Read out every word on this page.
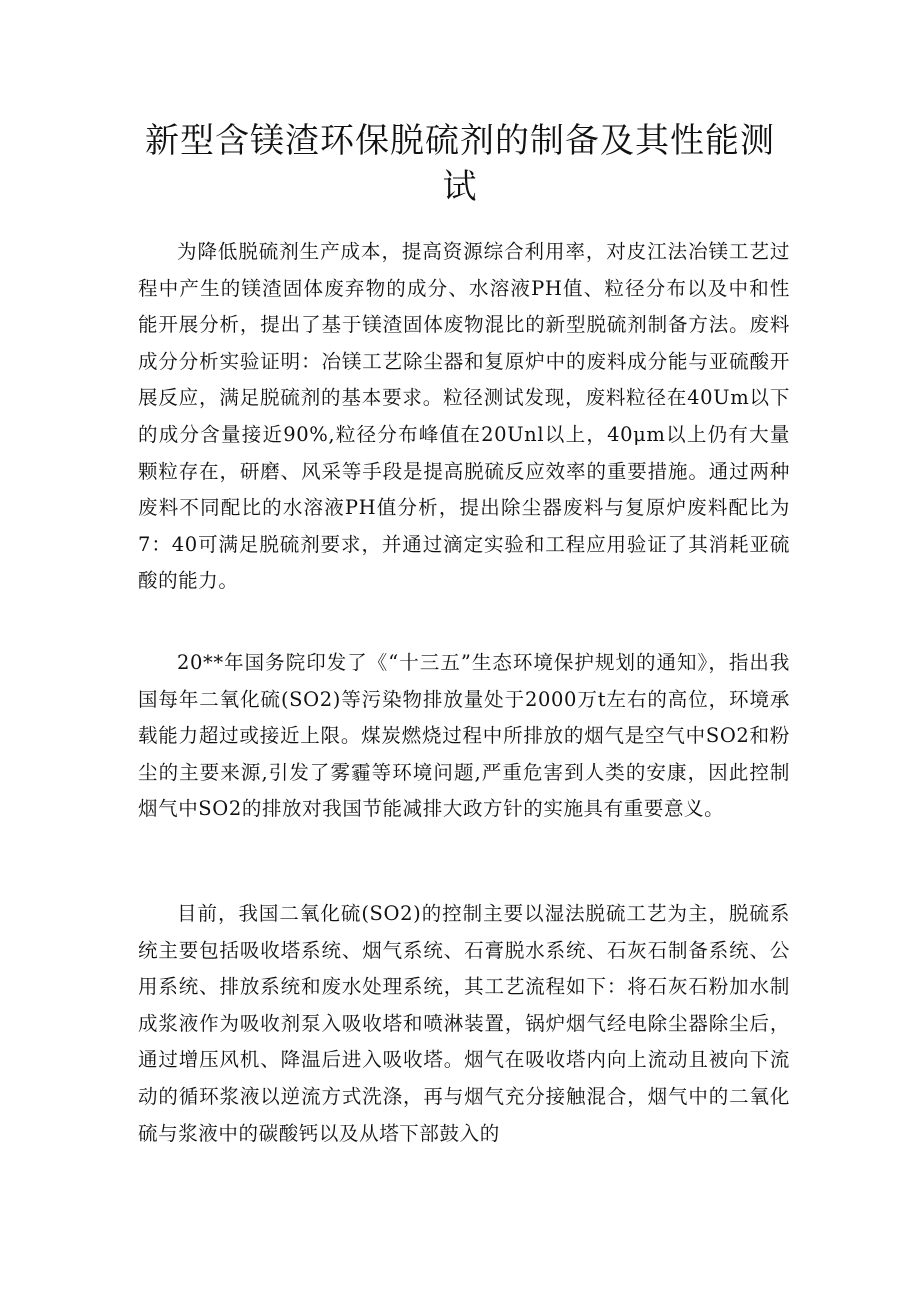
新型含镁渣环保脱硫剂的制备及其性能测试

为降低脱硫剂生产成本，提高资源综合利用率，对皮江法冶镁工艺过程中产生的镁渣固体废弃物的成分、水溶液PH值、粒径分布以及中和性能开展分析，提出了基于镁渣固体废物混比的新型脱硫剂制备方法。废料成分分析实验证明：冶镁工艺除尘器和复原炉中的废料成分能与亚硫酸开展反应，满足脱硫剂的基本要求。粒径测试发现，废料粒径在40Um以下的成分含量接近90%,粒径分布峰值在20Unl以上，40μm以上仍有大量颗粒存在，研磨、风采等手段是提高脱硫反应效率的重要措施。通过两种废料不同配比的水溶液PH值分析，提出除尘器废料与复原炉废料配比为7：40可满足脱硫剂要求，并通过滴定实验和工程应用验证了其消耗亚硫酸的能力。

20**年国务院印发了《“十三五”生态环境保护规划的通知》，指出我国每年二氧化硫(SO2)等污染物排放量处于2000万t左右的高位，环境承载能力超过或接近上限。煤炭燃烧过程中所排放的烟气是空气中SO2和粉尘的主要来源,引发了雾霾等环境问题,严重危害到人类的安康，因此控制烟气中SO2的排放对我国节能减排大政方针的实施具有重要意义。

目前，我国二氧化硫(SO2)的控制主要以湿法脱硫工艺为主，脱硫系统主要包括吸收塔系统、烟气系统、石膏脱水系统、石灰石制备系统、公用系统、排放系统和废水处理系统，其工艺流程如下：将石灰石粉加水制成浆液作为吸收剂泵入吸收塔和喷淋装置，锅炉烟气经电除尘器除尘后，通过增压风机、降温后进入吸收塔。烟气在吸收塔内向上流动且被向下流动的循环浆液以逆流方式洗涤，再与烟气充分接触混合，烟气中的二氧化硫与浆液中的碳酸钙以及从塔下部鼓入的
